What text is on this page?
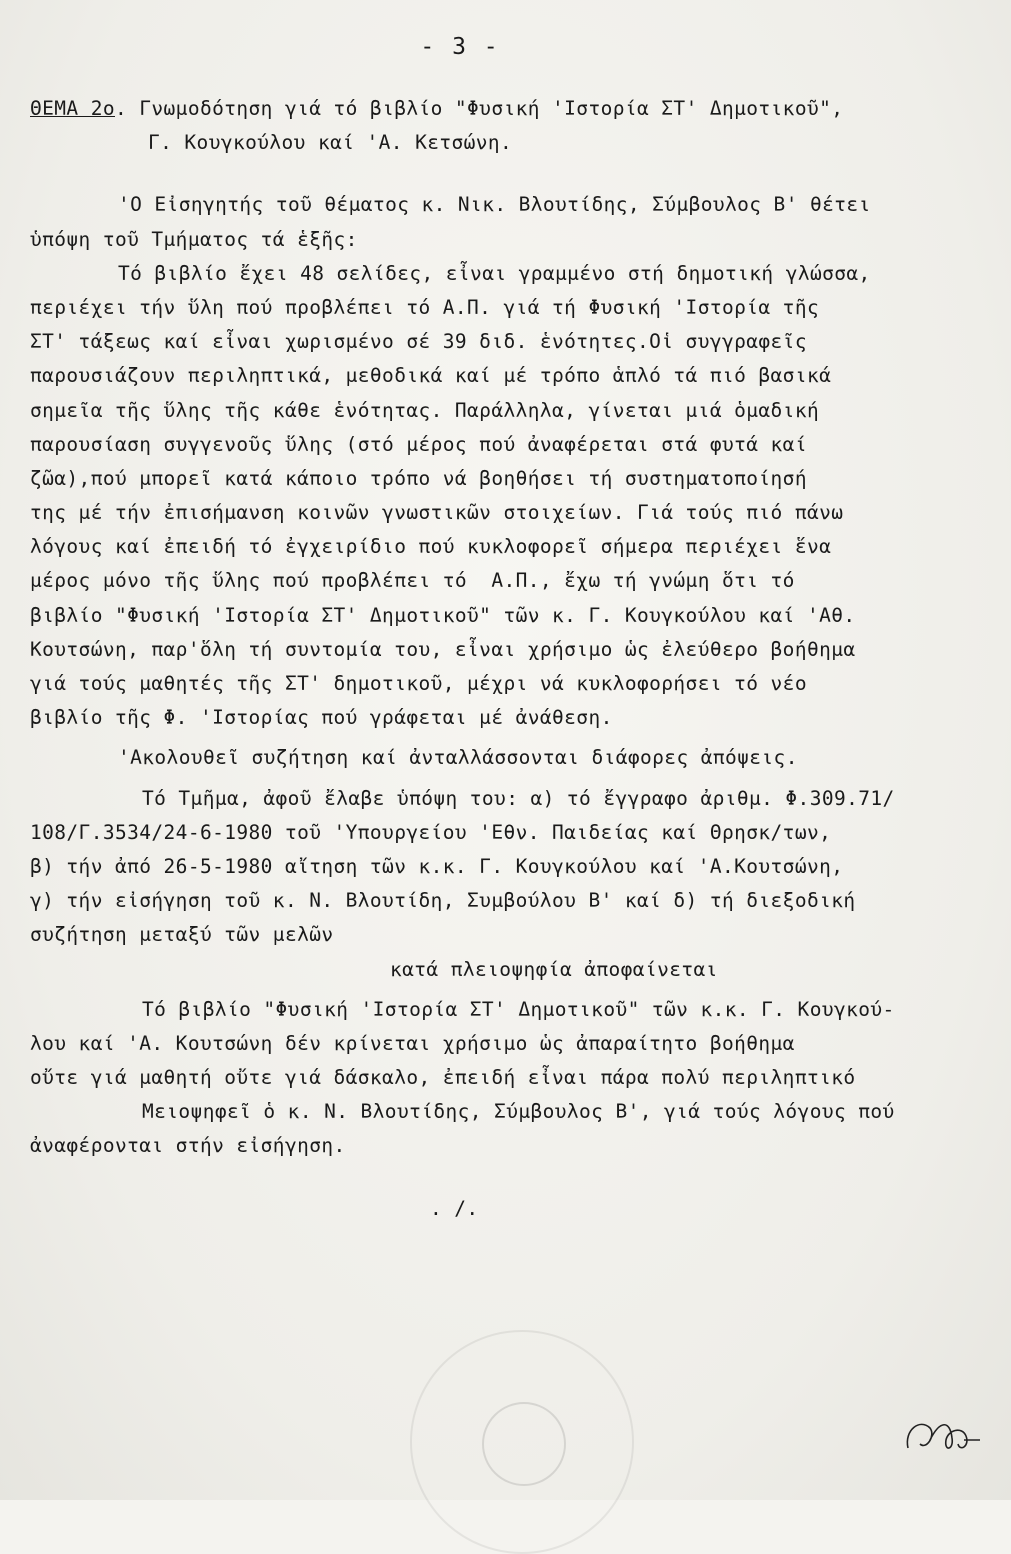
- 3 -
ΘΕΜΑ 2ο. Γνωμοδότηση γιά τό βιβλίο "Φυσική 'Ιστορία ΣΤ' Δημοτικοῦ",
Γ. Κουγκούλου καί 'Α. Κετσώνη.
'Ο Εἰσηγητής τοῦ θέματος κ. Νικ. Βλουτίδης, Σύμβουλος Β' θέτει
ὑπόψη τοῦ Τμήματος τά ἑξῆς:
Τό βιβλίο ἔχει 48 σελίδες, εἶναι γραμμένο στή δημοτική γλώσσα,
περιέχει τήν ὕλη πού προβλέπει τό Α.Π. γιά τή Φυσική 'Ιστορία τῆς
ΣΤ' τάξεως καί εἶναι χωρισμένο σέ 39 διδ. ἑνότητες.Οἱ συγγραφεῖς
παρουσιάζουν περιληπτικά, μεθοδικά καί μέ τρόπο ἁπλό τά πιό βασικά
σημεῖα τῆς ὕλης τῆς κάθε ἑνότητας. Παράλληλα, γίνεται μιά ὁμαδική
παρουσίαση συγγενοῦς ὕλης (στό μέρος πού ἀναφέρεται στά φυτά καί
ζῶα),πού μπορεῖ κατά κάποιο τρόπο νά βοηθήσει τή συστηματοποίησή
της μέ τήν ἐπισήμανση κοινῶν γνωστικῶν στοιχείων. Γιά τούς πιό πάνω
λόγους καί ἐπειδή τό ἐγχειρίδιο πού κυκλοφορεῖ σήμερα περιέχει ἕνα
μέρος μόνο τῆς ὕλης πού προβλέπει τό  Α.Π., ἔχω τή γνώμη ὅτι τό
βιβλίο "Φυσική 'Ιστορία ΣΤ' Δημοτικοῦ" τῶν κ. Γ. Κουγκούλου καί 'Αθ.
Κουτσώνη, παρ'ὅλη τή συντομία του, εἶναι χρήσιμο ὡς ἐλεύθερο βοήθημα
γιά τούς μαθητές τῆς ΣΤ' δημοτικοῦ, μέχρι νά κυκλοφορήσει τό νέο
βιβλίο τῆς Φ. 'Ιστορίας πού γράφεται μέ ἀνάθεση.
'Ακολουθεῖ συζήτηση καί ἀνταλλάσσονται διάφορες ἀπόψεις.
Τό Τμῆμα, ἀφοῦ ἔλαβε ὑπόψη του: α) τό ἔγγραφο ἀριθμ. Φ.309.71/
108/Γ.3534/24-6-1980 τοῦ 'Υπουργείου 'Εθν. Παιδείας καί Θρησκ/των,
β) τήν ἀπό 26-5-1980 αἴτηση τῶν κ.κ. Γ. Κουγκούλου καί 'Α.Κουτσώνη,
γ) τήν εἰσήγηση τοῦ κ. Ν. Βλουτίδη, Συμβούλου Β' καί δ) τή διεξοδική
συζήτηση μεταξύ τῶν μελῶν
κατά πλειοψηφία ἀποφαίνεται
Τό βιβλίο "Φυσική 'Ιστορία ΣΤ' Δημοτικοῦ" τῶν κ.κ. Γ. Κουγκού-
λου καί 'Α. Κουτσώνη δέν κρίνεται χρήσιμο ὡς ἀπαραίτητο βοήθημα
οὔτε γιά μαθητή οὔτε γιά δάσκαλο, ἐπειδή εἶναι πάρα πολύ περιληπτικό
Μειοψηφεῖ ὁ κ. Ν. Βλουτίδης, Σύμβουλος Β', γιά τούς λόγους πού
ἀναφέρονται στήν εἰσήγηση.
. /.
